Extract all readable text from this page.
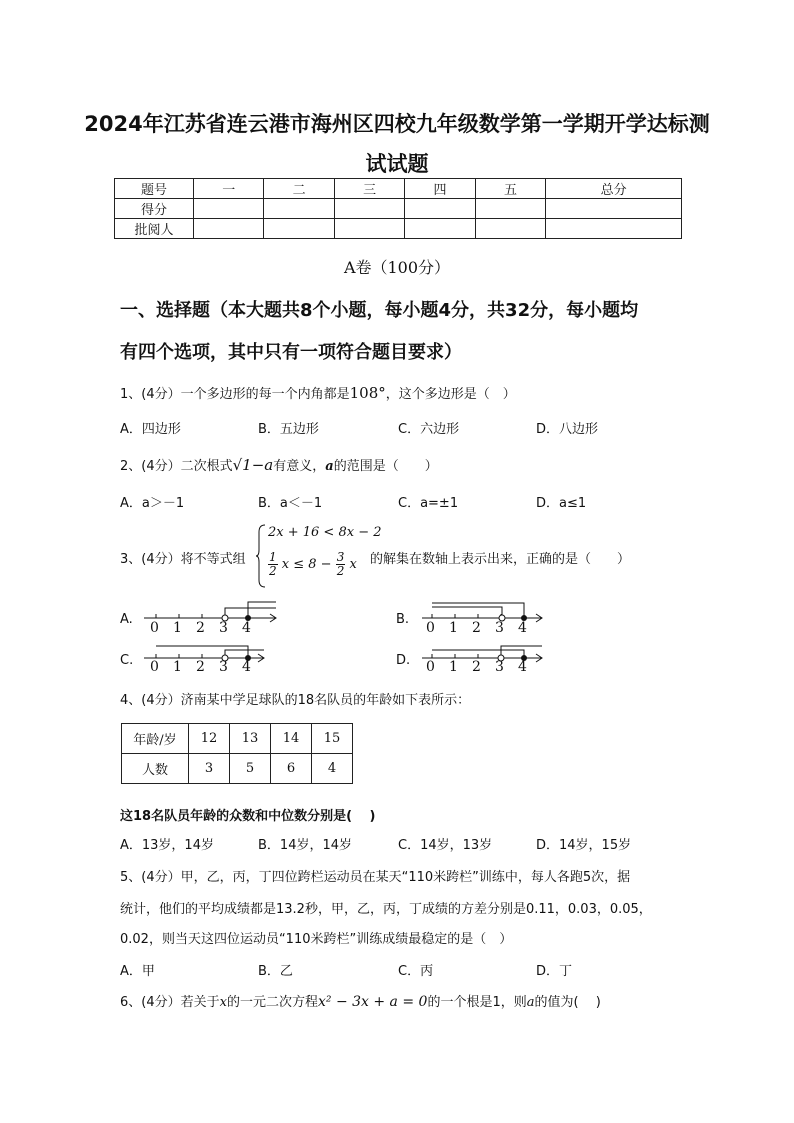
2024年江苏省连云港市海州区四校九年级数学第一学期开学达标测
试试题
题号	一	二	三	四	五	总分
得分						
批阅人						
A卷（100分）
一、选择题（本大题共8个小题，每小题4分，共32分，每小题均
有四个选项，其中只有一项符合题目要求）
1、(4分）一个多边形的每一个内角都是108°，这个多边形是（　）
A．四边形	B．五边形	C．六边形	D．八边形
2、(4分）二次根式√1−a有意义，a的范围是（　　）
A．a＞－1	B．a＜－1	C．a=±1	D．a≤1
3、(4分）将不等式组
2x + 16 < 8x − 2
$\frac{1}{2}$ $x \le 8 - \frac{3}{2}$ x 的解集在数轴上表示出来，正确的是（　　）
A.	B.
C.	D.
0 1 2 3 4	0 1 2 3 4
0 1 2 3 4	0 1 2 3 4
4、(4分）济南某中学足球队的18名队员的年龄如下表所示：
年龄/岁	12	13	14	15
人数	3	5	6	4
这18名队员年龄的众数和中位数分别是(　 )
A．13岁，14岁	B．14岁，14岁	C．14岁，13岁	D．14岁，15岁
5、(4分）甲，乙，丙，丁四位跨栏运动员在某天“110米跨栏”训练中，每人各跑5次，据
统计，他们的平均成绩都是13.2秒，甲，乙，丙，丁成绩的方差分别是0.11，0.03，0.05，
0.02，则当天这四位运动员“110米跨栏”训练成绩最稳定的是（　）
A．甲	B．乙	C．丙	D．丁
6、(4分）若关于x的一元二次方程x² − 3x + a = 0的一个根是1，则a的值为(　 )
